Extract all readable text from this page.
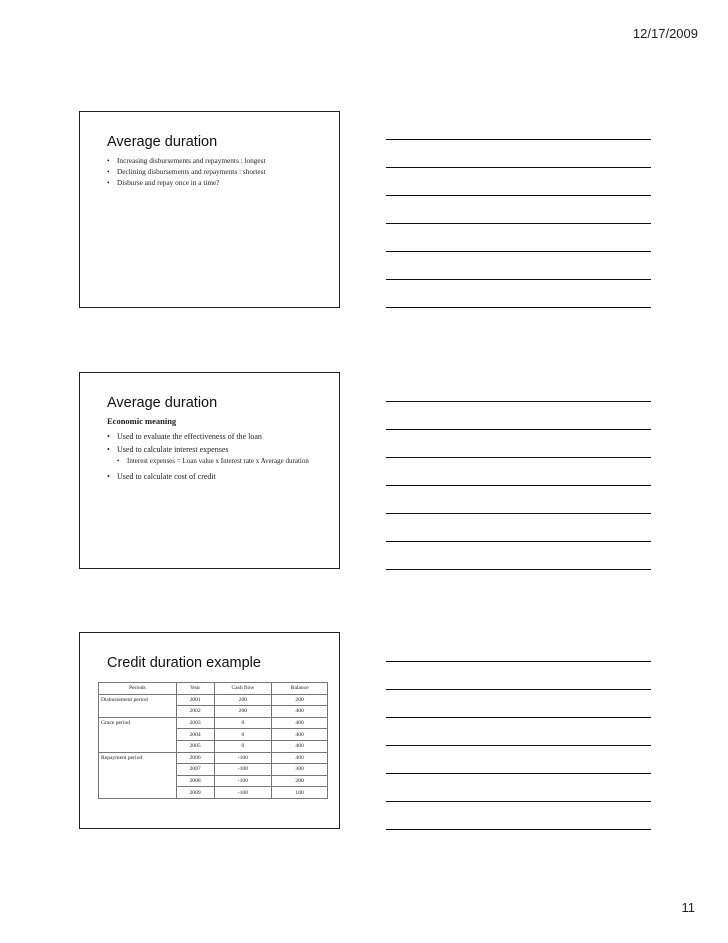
12/17/2009
Average duration
• Increasing disbursements and repayments : longest
• Declining disbursements and repayments : shortest
• Disburse and repay once in a time?
Average duration
Economic meaning
• Used to evaluate the effectiveness of the loan
• Used to calculate interest expenses
• Interest expenses = Loan value x Interest rate x Average duration
• Used to calculate cost of credit
Credit duration example
Periods	Year	Cash flow	Balance
Disbursement period	2001	200	200
	2002	200	400
Grace period	2003	0	400
	2004	0	400
	2005	0	400
Repayment period	2006	-100	400
	2007	-100	300
	2008	-100	200
	2009	-100	100
11
